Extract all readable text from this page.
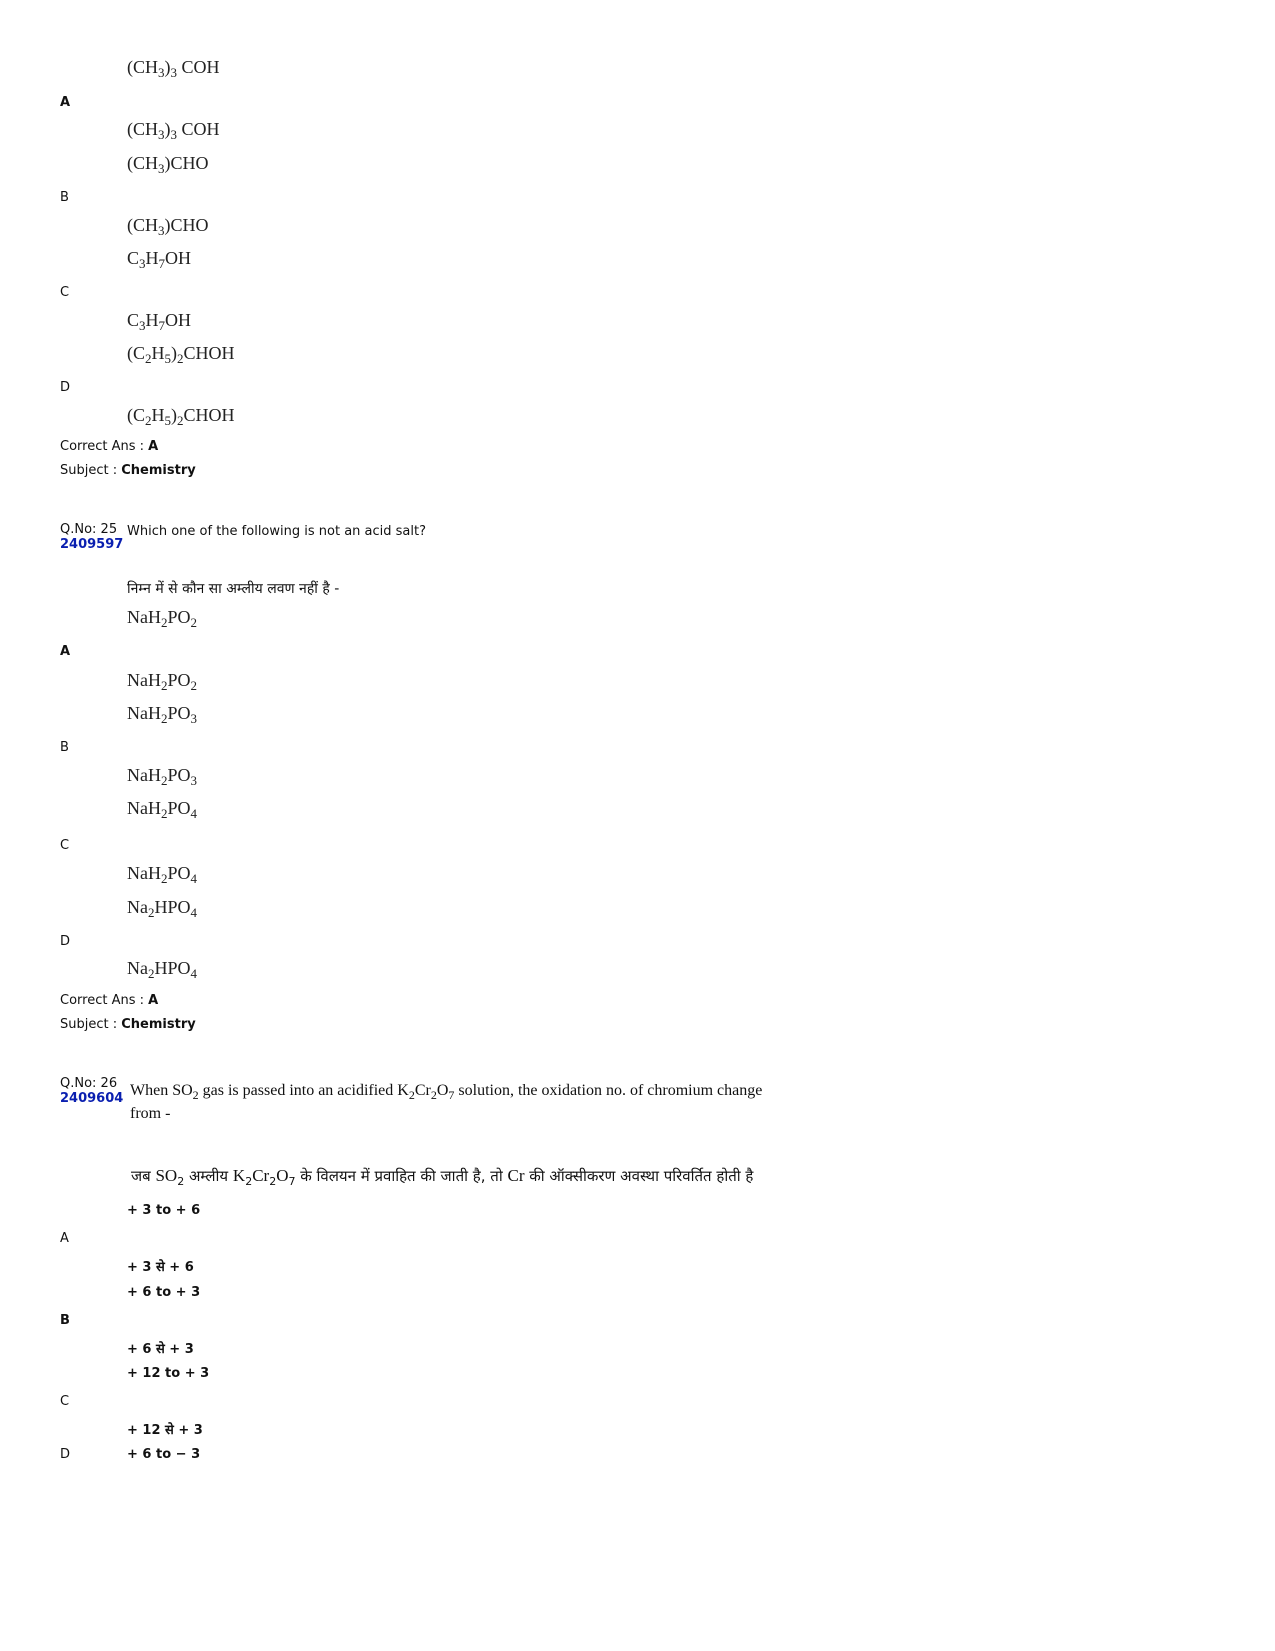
$(CH_3)_3$ COH
A
$(CH_3)_3$ COH
$(CH_3)CHO$
B
$(CH_3)CHO$
$C_3H_7OH$
C
$C_3H_7OH$
$(C_2H_5)_2CHOH$
D
$(C_2H_5)_2CHOH$
Correct Ans : A
Subject : Chemistry
Q.No: 25
2409597
Which one of the following is not an acid salt?
निम्न में से कौन सा अम्लीय लवण नहीं है -
$NaH_2PO_2$
A
$NaH_2PO_2$
$NaH_2PO_3$
B
$NaH_2PO_3$
$NaH_2PO_4$
C
$NaH_2PO_4$
$Na_2HPO_4$
D
$Na_2HPO_4$
Correct Ans : A
Subject : Chemistry
Q.No: 26
2409604 When $SO_2$ gas is passed into an acidified $K_2Cr_2O_7$ solution, the oxidation no. of chromium change from -
जब $SO_2$ अम्लीय $K_2Cr_2O_7$ के विलयन में प्रवाहित की जाती है, तो Cr की ऑक्सीकरण अवस्था परिवर्तित होती है
+ 3 to + 6
A
+ 3 से + 6
+ 6 to + 3
B
+ 6 से + 3
+ 12 to + 3
C
+ 12 से + 3
D	+ 6 to − 3
